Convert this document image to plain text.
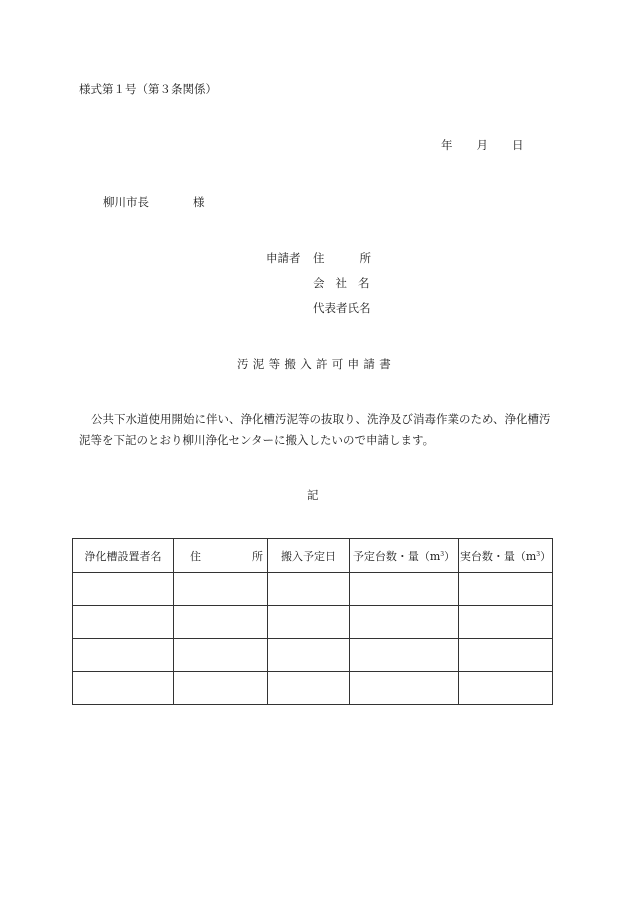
様式第１号（第３条関係）
年 月 日
柳川市長	様
申請者 住	所
会 社 名
代表者氏名
汚泥等搬入許可申請書
公共下水道使用開始に伴い、浄化槽汚泥等の抜取り、洗浄及び消毒作業のため、浄化槽汚泥等を下記のとおり柳川浄化センターに搬入したいので申請します。
記
浄化槽設置者名	住 所	搬入予定日	予定台数・量$(m^3)$	実台数・量$(m^3)$
